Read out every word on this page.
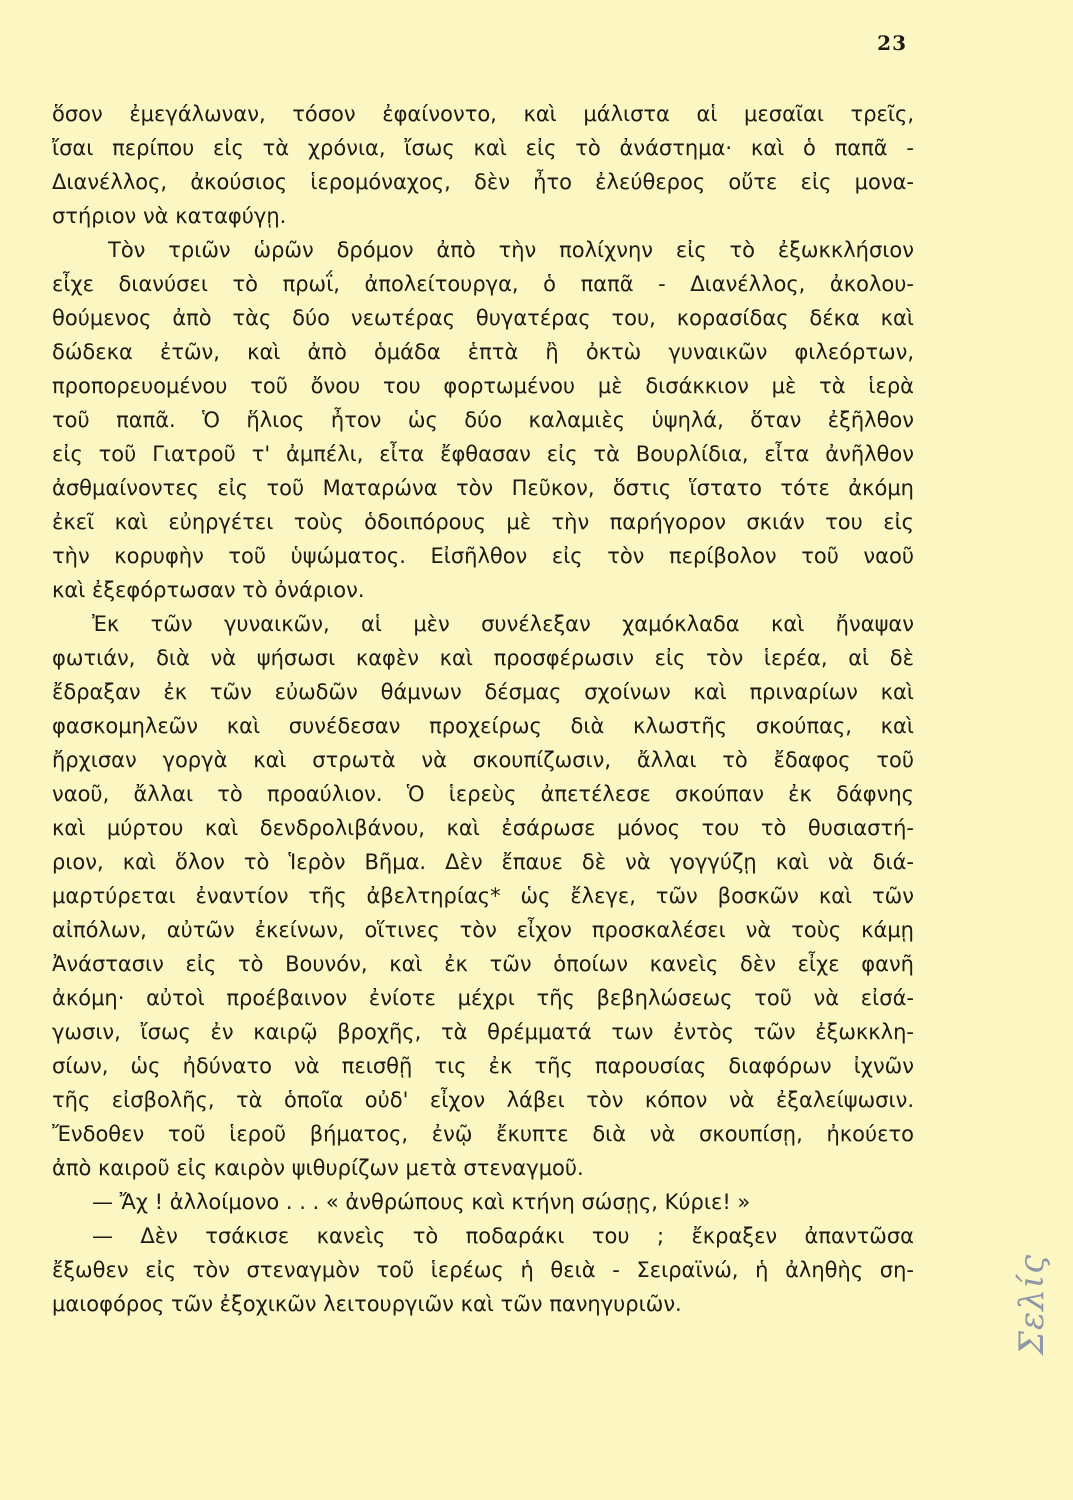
23
ὅσον ἐμεγάλωναν, τόσον ἐφαίνοντο, καὶ μάλιστα αἱ μεσαῖαι τρεῖς,
ἴσαι περίπου εἰς τὰ χρόνια, ἴσως καὶ εἰς τὸ ἀνάστημα· καὶ ὁ παπᾶ -
Διανέλλος, ἀκούσιος ἱερομόναχος, δὲν ἦτο ἐλεύθερος οὔτε εἰς μονα-
στήριον νὰ καταφύγῃ.
Τὸν τριῶν ὡρῶν δρόμον ἀπὸ τὴν πολίχνην εἰς τὸ ἐξωκκλήσιον
εἶχε διανύσει τὸ πρωΐ, ἀπολείτουργα, ὁ παπᾶ - Διανέλλος, ἀκολου-
θούμενος ἀπὸ τὰς δύο νεωτέρας θυγατέρας του, κορασίδας δέκα καὶ
δώδεκα ἐτῶν, καὶ ἀπὸ ὁμάδα ἑπτὰ ἢ ὀκτὼ γυναικῶν φιλεόρτων,
προπορευομένου τοῦ ὄνου του φορτωμένου μὲ δισάκκιον μὲ τὰ ἱερὰ
τοῦ παπᾶ. Ὁ ἥλιος ἦτον ὡς δύο καλαμιὲς ὑψηλά, ὅταν ἐξῆλθον
εἰς τοῦ Γιατροῦ τ' ἀμπέλι, εἶτα ἔφθασαν εἰς τὰ Βουρλίδια, εἶτα ἀνῆλθον
ἀσθμαίνοντες εἰς τοῦ Ματαρώνα τὸν Πεῦκον, ὅστις ἵστατο τότε ἀκόμη
ἐκεῖ καὶ εὐηργέτει τοὺς ὁδοιπόρους μὲ τὴν παρήγορον σκιάν του εἰς
τὴν κορυφὴν τοῦ ὑψώματος. Εἰσῆλθον εἰς τὸν περίβολον τοῦ ναοῦ
καὶ ἐξεφόρτωσαν τὸ ὀνάριον.
Ἐκ τῶν γυναικῶν, αἱ μὲν συνέλεξαν χαμόκλαδα καὶ ἤναψαν
φωτιάν, διὰ νὰ ψήσωσι καφὲν καὶ προσφέρωσιν εἰς τὸν ἱερέα, αἱ δὲ
ἔδραξαν ἐκ τῶν εὐωδῶν θάμνων δέσμας σχοίνων καὶ πριναρίων καὶ
φασκομηλεῶν καὶ συνέδεσαν προχείρως διὰ κλωστῆς σκούπας, καὶ
ἤρχισαν γοργὰ καὶ στρωτὰ νὰ σκουπίζωσιν, ἄλλαι τὸ ἔδαφος τοῦ
ναοῦ, ἄλλαι τὸ προαύλιον. Ὁ ἱερεὺς ἀπετέλεσε σκούπαν ἐκ δάφνης
καὶ μύρτου καὶ δενδρολιβάνου, καὶ ἐσάρωσε μόνος του τὸ θυσιαστή-
ριον, καὶ ὅλον τὸ Ἱερὸν Βῆμα. Δὲν ἔπαυε δὲ νὰ γογγύζῃ καὶ νὰ διά-
μαρτύρεται ἐναντίον τῆς ἀβελτηρίας* ὡς ἔλεγε, τῶν βοσκῶν καὶ τῶν
αἰπόλων, αὐτῶν ἐκείνων, οἵτινες τὸν εἶχον προσκαλέσει νὰ τοὺς κάμῃ
Ἀνάστασιν εἰς τὸ Βουνόν, καὶ ἐκ τῶν ὁποίων κανεὶς δὲν εἶχε φανῆ
ἀκόμη· αὐτοὶ προέβαινον ἐνίοτε μέχρι τῆς βεβηλώσεως τοῦ νὰ εἰσά-
γωσιν, ἴσως ἐν καιρῷ βροχῆς, τὰ θρέμματά των ἐντὸς τῶν ἐξωκκλη-
σίων, ὡς ἠδύνατο νὰ πεισθῇ τις ἐκ τῆς παρουσίας διαφόρων ἰχνῶν
τῆς εἰσβολῆς, τὰ ὁποῖα οὐδ' εἶχον λάβει τὸν κόπον νὰ ἐξαλείψωσιν.
Ἔνδοθεν τοῦ ἱεροῦ βήματος, ἐνῷ ἔκυπτε διὰ νὰ σκουπίσῃ, ἠκούετο
ἀπὸ καιροῦ εἰς καιρὸν ψιθυρίζων μετὰ στεναγμοῦ.
— Ἄχ ! ἀλλοίμονο . . . « ἀνθρώπους καὶ κτήνη σώσῃς, Κύριε! »
— Δὲν τσάκισε κανεὶς τὸ ποδαράκι του ; ἔκραξεν ἀπαντῶσα
ἔξωθεν εἰς τὸν στεναγμὸν τοῦ ἱερέως ἡ θειὰ - Σειραϊνώ, ἡ ἀληθὴς ση-
μαιοφόρος τῶν ἐξοχικῶν λειτουργιῶν καὶ τῶν πανηγυριῶν.	Σελίς
